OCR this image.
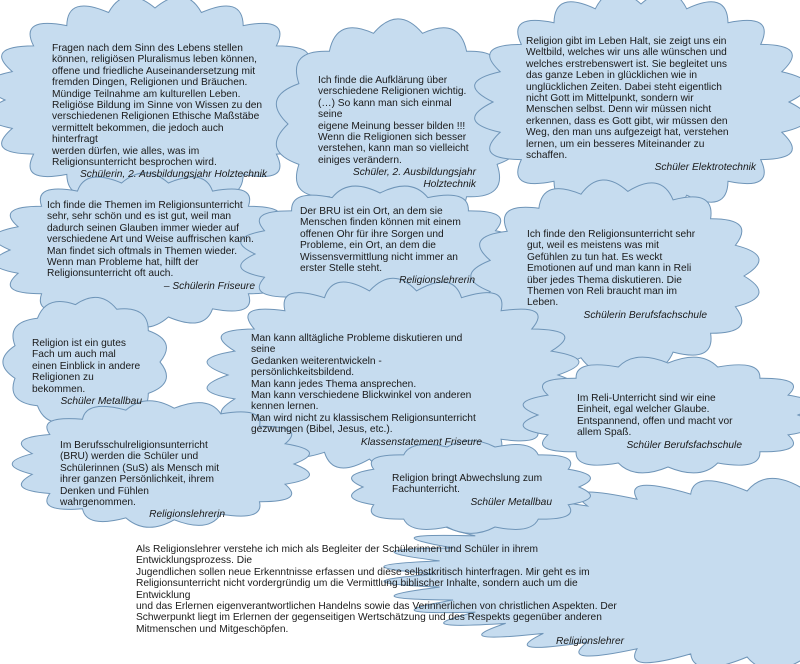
Fragen nach dem Sinn des Lebens stellen
können, religiösen Pluralismus leben können,
offene und friedliche Auseinandersetzung mit
fremden Dingen, Religionen und Bräuchen.
Mündige Teilnahme am kulturellen Leben.
Religiöse Bildung im Sinne von Wissen zu den
verschiedenen Religionen Ethische Maßstäbe
vermittelt bekommen, die jedoch auch hinterfragt
werden dürfen, wie alles, was im
Religionsunterricht besprochen wird.
Schülerin, 2. Ausbildungsjahr Holztechnik
Ich finde die Aufklärung über
verschiedene Religionen wichtig.
(…) So kann man sich einmal seine
eigene Meinung besser bilden !!!
Wenn die Religionen sich besser
verstehen, kann man so vielleicht
einiges verändern.
Schüler, 2. Ausbildungsjahr
Holztechnik
Religion gibt im Leben Halt, sie zeigt uns ein
Weltbild, welches wir uns alle wünschen und
welches erstrebenswert ist. Sie begleitet uns
das ganze Leben in glücklichen wie in
unglücklichen Zeiten. Dabei steht eigentlich
nicht Gott im Mittelpunkt, sondern wir
Menschen selbst. Denn wir müssen nicht
erkennen, dass es Gott gibt, wir müssen den
Weg, den man uns aufgezeigt hat, verstehen
lernen, um ein besseres Miteinander zu
schaffen.
Schüler Elektrotechnik
Ich finde die Themen im Religionsunterricht
sehr, sehr schön und es ist gut, weil man
dadurch seinen Glauben immer wieder auf
verschiedene Art und Weise auffrischen kann.
Man findet sich oftmals in Themen wieder.
Wenn man Probleme hat, hilft der
Religionsunterricht oft auch.
– Schülerin Friseure
Der BRU ist ein Ort, an dem sie
Menschen finden können mit einem
offenen Ohr für ihre Sorgen und
Probleme, ein Ort, an dem die
Wissensvermittlung nicht immer an
erster Stelle steht.
Religionslehrerin
Ich finde den Religionsunterricht sehr
gut, weil es meistens was mit
Gefühlen zu tun hat. Es weckt
Emotionen auf und man kann in Reli
über jedes Thema diskutieren. Die
Themen von Reli braucht man im
Leben.
Schülerin Berufsfachschule
Religion ist ein gutes
Fach um auch mal
einen Einblick in andere
Religionen zu
bekommen.
Schüler Metallbau
Man kann alltägliche Probleme diskutieren und seine
Gedanken weiterentwickeln - persönlichkeitsbildend.
Man kann jedes Thema ansprechen.
Man kann verschiedene Blickwinkel von anderen
kennen lernen.
Man wird nicht zu klassischem Religionsunterricht
gezwungen (Bibel, Jesus, etc.).
Klassenstatement Friseure
Im Reli-Unterricht sind wir eine
Einheit, egal welcher Glaube.
Entspannend, offen und macht vor
allem Spaß.
Schüler Berufsfachschule
Im Berufsschulreligionsunterricht
(BRU) werden die Schüler und
Schülerinnen (SuS) als Mensch mit
ihrer ganzen Persönlichkeit, ihrem
Denken und Fühlen wahrgenommen.
Religionslehrerin
Religion bringt Abwechslung zum
Fachunterricht.
Schüler Metallbau
Als Religionslehrer verstehe ich mich als Begleiter der Schülerinnen und Schüler in ihrem Entwicklungsprozess. Die
Jugendlichen sollen neue Erkenntnisse erfassen und diese selbstkritisch hinterfragen. Mir geht es im
Religionsunterricht nicht vordergründig um die Vermittlung biblischer Inhalte, sondern auch um die Entwicklung
und das Erlernen eigenverantwortlichen Handelns sowie das Verinnerlichen von christlichen Aspekten. Der
Schwerpunkt liegt im Erlernen der gegenseitigen Wertschätzung und des Respekts gegenüber anderen
Mitmenschen und Mitgeschöpfen.
Religionslehrer
